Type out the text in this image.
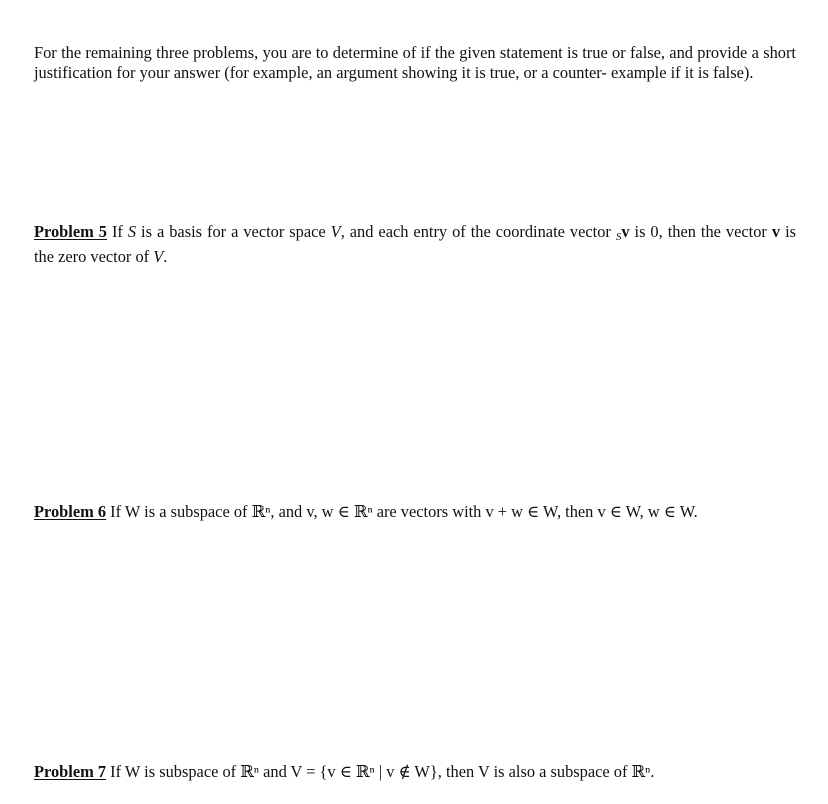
For the remaining three problems, you are to determine of if the given statement is true or false, and provide a short justification for your answer (for example, an argument showing it is true, or a counter- example if it is false).
Problem 5 If S is a basis for a vector space V, and each entry of the coordinate vector $_S$v is 0, then the vector v is the zero vector of V.
Problem 6 If W is a subspace of ℝⁿ, and v, w ∈ ℝⁿ are vectors with v + w ∈ W, then v ∈ W, w ∈ W.
Problem 7 If W is subspace of ℝⁿ and V = {v ∈ ℝⁿ | v ∉ W}, then V is also a subspace of ℝⁿ.
